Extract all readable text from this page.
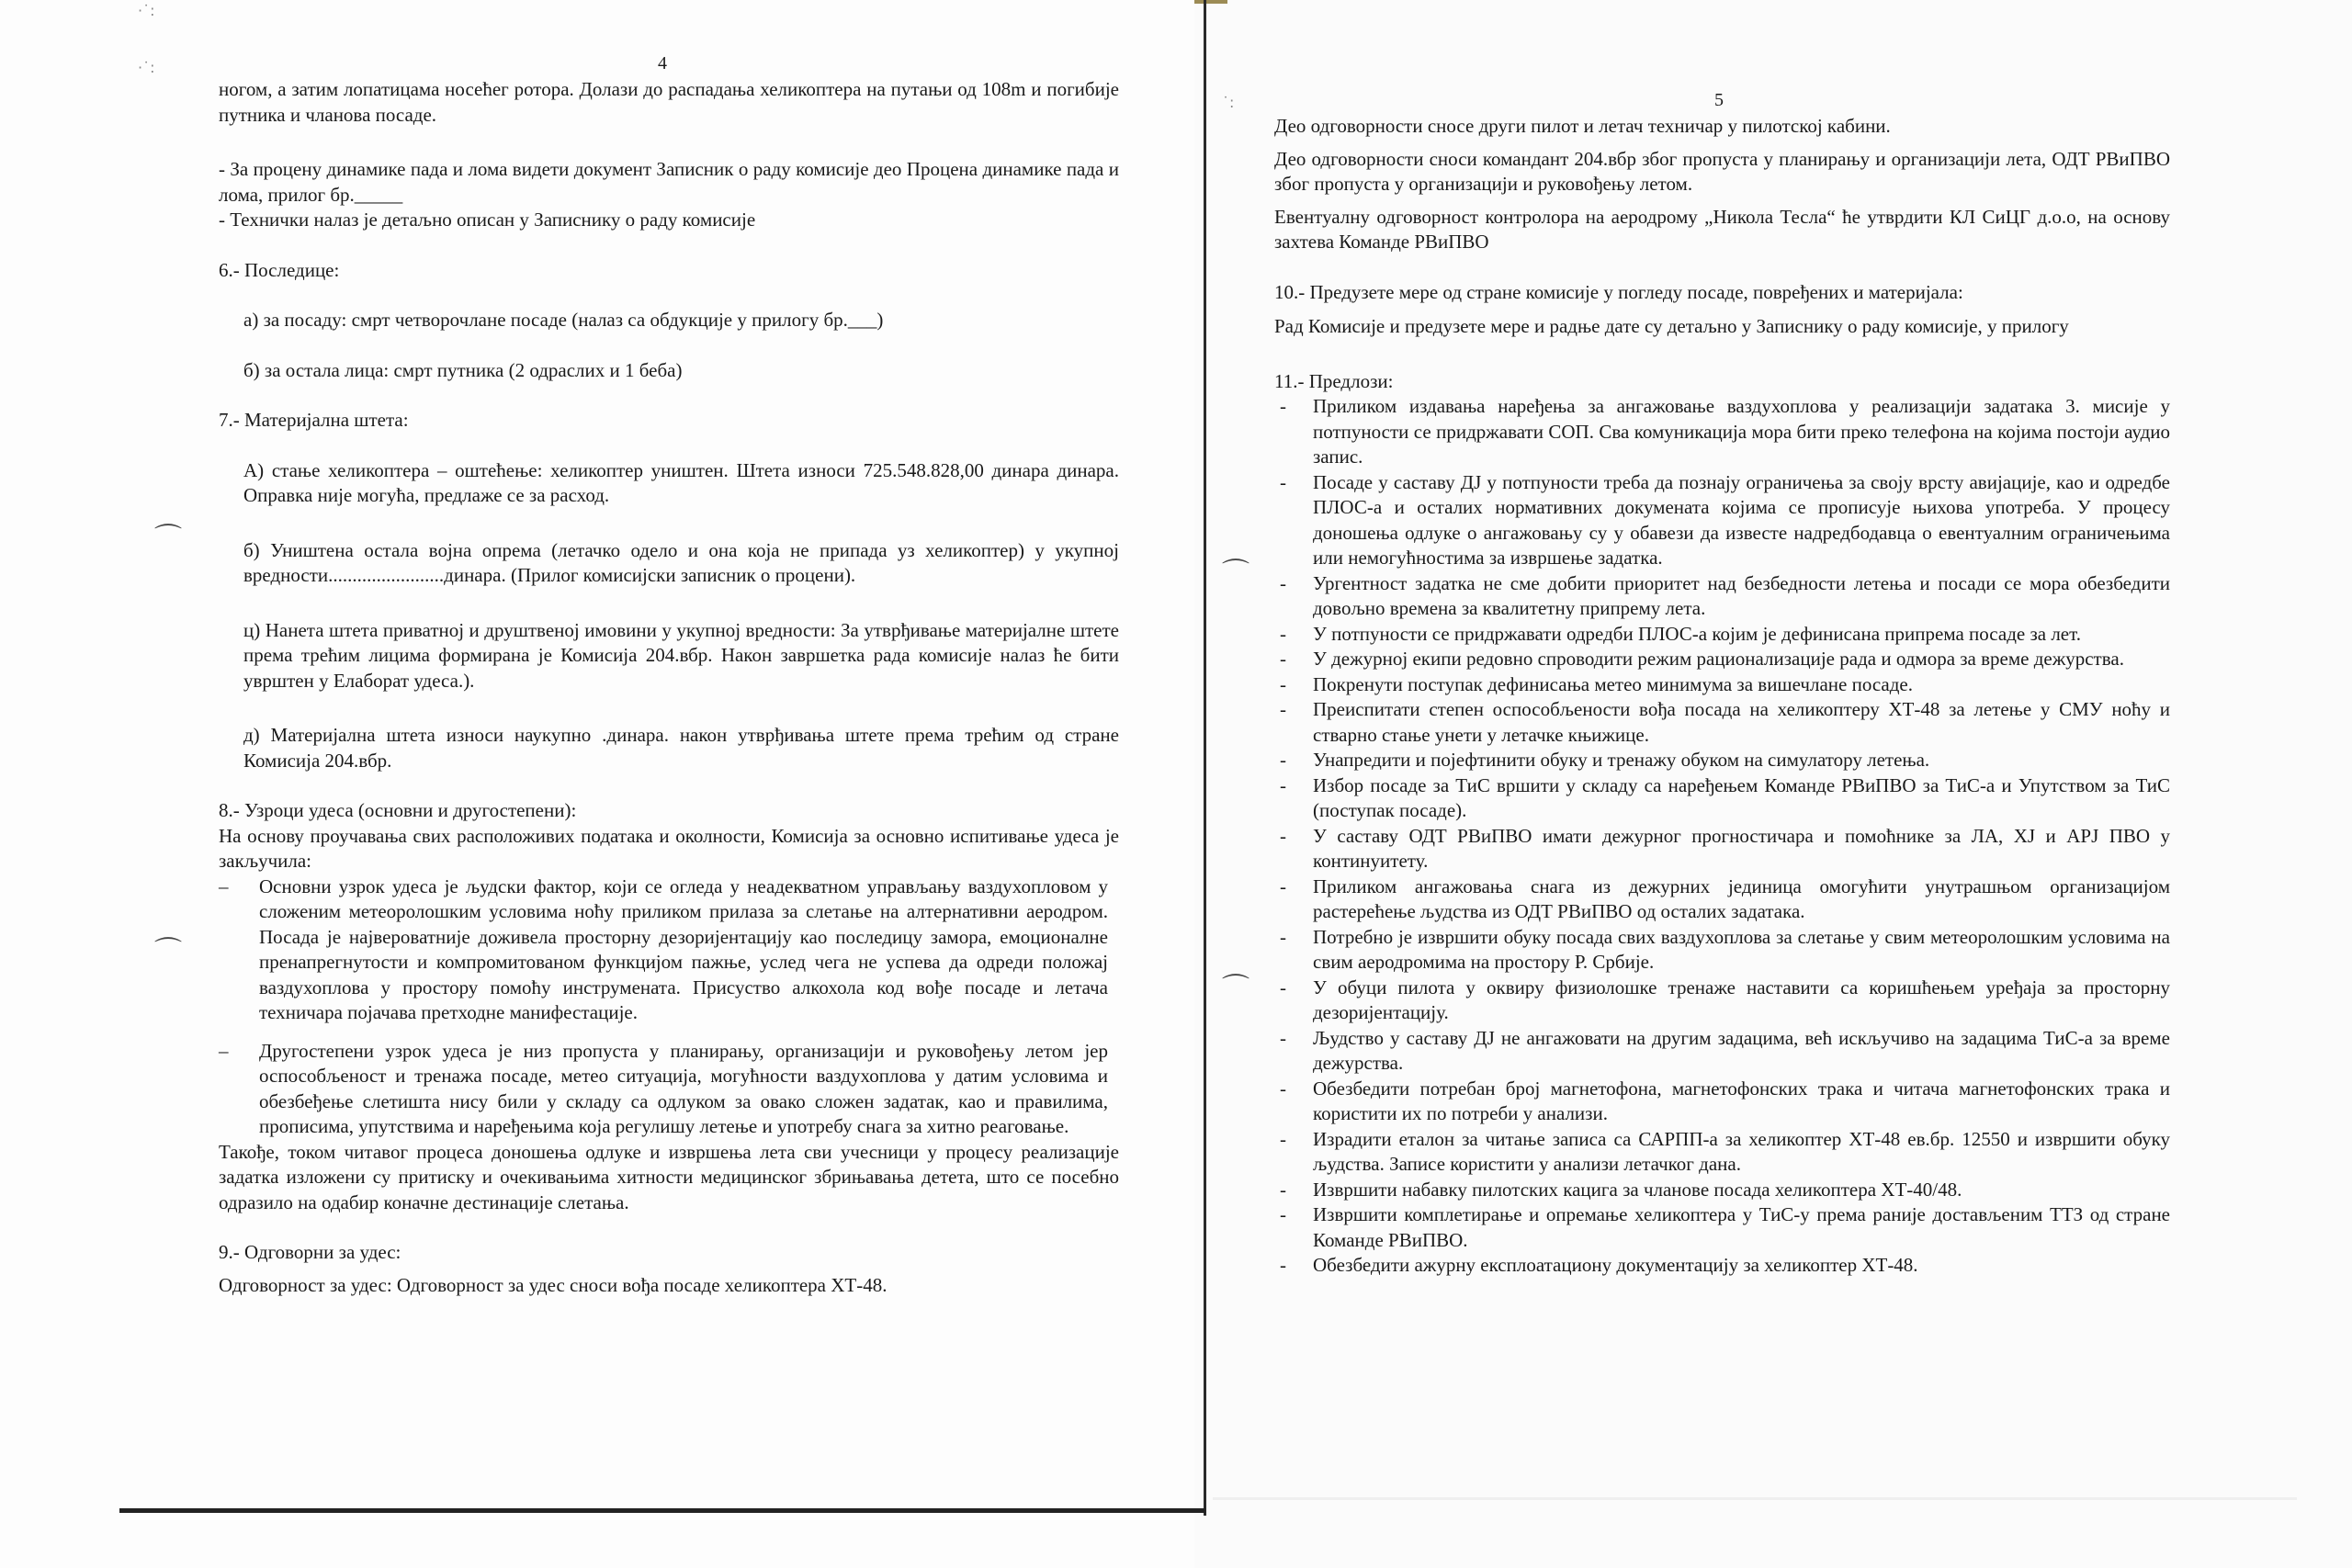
·˙:
·˙:
˙:
⌒
⌒
⌒
⌒
4
5

ногом, а затим лопатицама носећег ротора. Долази до распадања хеликоптера на путањи од 108m и погибије путника и чланова посаде.

- За процену динамике пада и лома видети документ Записник о раду комисије део Процена динамике пада и лома, прилог бр._____

- Технички налаз је детаљно описан у Записнику о раду комисије

6.- Последице:

а) за посаду: смрт четворочлане посаде (налаз са обдукције у прилогу бр.___)

б) за остала лица: смрт путника (2 одраслих и 1 беба)

7.- Материјална штета:

А) стање хеликоптера – оштећење: хеликоптер уништен. Штета износи 725.548.828,00 динара динара. Оправка није могућа, предлаже се за расход.

б) Уништена остала војна опрема (летачко одело и она која не припада уз хеликоптер) у укупној вредности........................динара. (Прилог комисијски записник о процени).

ц) Нанета штета приватној и друштвеној имовини у укупној вредности: За утврђивање материјалне штете према трећим лицима формирана је Комисија 204.вбр. Након завршетка рада комисије налаз ће бити уврштен у Елаборат удеса.).

д) Материјална штета износи наукупно .динара. након утврђивања штете према трећим од стране Комисија 204.вбр.

8.- Узроци удеса (основни и другостепени):

На основу проучавања свих расположивих података и околности, Комисија за основно испитивање удеса је закључила:

– Основни узрок удеса је људски фактор, који се огледа у неадекватном управљању ваздухопловом у сложеним метеоролошким условима ноћу приликом прилаза за слетање на алтернативни аеродром. Посада је највероватније доживела просторну дезоријентацију као последицу замора, емоционалне пренапрегнутости и компромитованом функцијом пажње, услед чега не успева да одреди положај ваздухоплова у простору помоћу инструмената. Присуство алкохола код вође посаде и летача техничара појачава претходне манифестације.
– Другостепени узрок удеса је низ пропуста у планирању, организацији и руковођењу летом јер оспособљеност и тренажа посаде, метео ситуација, могућности ваздухоплова у датим условима и обезбеђење слетишта нису били у складу са одлуком за овако сложен задатак, као и правилима, прописима, упутствима и наређењима која регулишу летење и употребу снага за хитно реаговање.

Такође, током читавог процеса доношења одлуке и извршења лета сви учесници у процесу реализације задатка изложени су притиску и очекивањима хитности медицинског збрињавања детета, што се посебно одразило на одабир коначне дестинације слетања.

9.- Одговорни за удес:

Одговорност за удес: Одговорност за удес сноси вођа посаде хеликоптера ХТ-48.

Део одговорности сносе други пилот и летач техничар у пилотској кабини.

Део одговорности сноси командант 204.вбр због пропуста у планирању и организацији лета, ОДТ РВиПВО због пропуста у организацији и руковођењу летом.

Евентуалну одговорност контролора на аеродрому „Никола Тесла“ ће утврдити КЛ СиЦГ д.о.о, на основу захтева Команде РВиПВО

10.- Предузете мере од стране комисије у погледу посаде, повређених и материјала:

Рад Комисије и предузете мере и радње дате су детаљно у Записнику о раду комисије, у прилогу

11.- Предлози:

- Приликом издавања наређења за ангажовање ваздухоплова у реализацији задатака 3. мисије у потпуности се придржавати СОП. Сва комуникација мора бити преко телефона на којима постоји аудио запис.
- Посаде у саставу ДЈ у потпуности треба да познају ограничења за своју врсту авијације, као и одредбе ПЛОС-а и осталих нормативних докумената којима се прописује њихова употреба. У процесу доношења одлуке о ангажовању су у обавези да известе надредбодавца о евентуалним ограничењима или немогућностима за извршење задатка.
- Ургентност задатка не сме добити приоритет над безбедности летења и посади се мора обезбедити довољно времена за квалитетну припрему лета.
- У потпуности се придржавати одредби ПЛОС-а којим је дефинисана припрема посаде за лет.
- У дежурној екипи редовно спроводити режим рационализације рада и одмора за време дежурства.
- Покренути поступак дефинисања метео минимума за вишечлане посаде.
- Преиспитати степен оспособљености вођа посада на хеликоптеру ХТ-48 за летење у СМУ ноћу и стварно стање унети у летачке књижице.
- Унапредити и појефтинити обуку и тренажу обуком на симулатору летења.
- Избор посаде за ТиС вршити у складу са наређењем Команде РВиПВО за ТиС-а и Упутством за ТиС (поступак посаде).
- У саставу ОДТ РВиПВО имати дежурног прогностичара и помоћнике за ЛА, ХЈ и АРЈ ПВО у континуитету.
- Приликом ангажовања снага из дежурних јединица омогућити унутрашњом организацијом растерећење људства из ОДТ РВиПВО од осталих задатака.
- Потребно је извршити обуку посада свих ваздухоплова за слетање у свим метеоролошким условима на свим аеродромима на простору Р. Србије.
- У обуци пилота у оквиру физиолошке тренаже наставити са коришћењем уређаја за просторну дезоријентацију.
- Људство у саставу ДЈ не ангажовати на другим задацима, већ искључиво на задацима ТиС-а за време дежурства.
- Обезбедити потребан број магнетофона, магнетофонских трака и читача магнетофонских трака и користити их по потреби у анализи.
- Израдити еталон за читање записа са САРПП-а за хеликоптер ХТ-48 ев.бр. 12550 и извршити обуку људства. Записе користити у анализи летачког дана.
- Извршити набавку пилотских кацига за чланове посада хеликоптера ХТ-40/48.
- Извршити комплетирање и опремање хеликоптера у ТиС-у према раније достављеним ТТЗ од стране Команде РВиПВО.
- Обезбедити ажурну експлоатациону документацију за хеликоптер ХТ-48.
